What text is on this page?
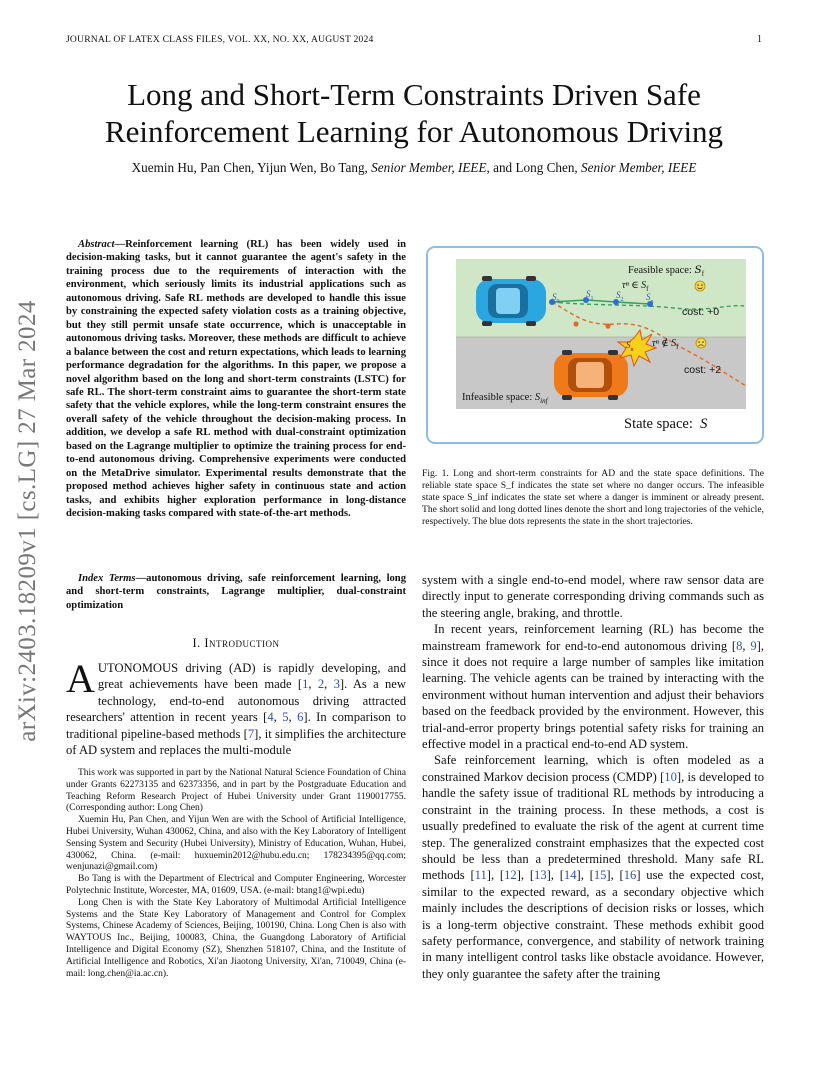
JOURNAL OF LATEX CLASS FILES, VOL. XX, NO. XX, AUGUST 2024	1
Long and Short-Term Constraints Driven Safe
Reinforcement Learning for Autonomous Driving
Xuemin Hu, Pan Chen, Yijun Wen, Bo Tang, Senior Member, IEEE, and Long Chen, Senior Member, IEEE
arXiv:2403.18209v1 [cs.LG] 27 Mar 2024
Abstract—Reinforcement learning (RL) has been widely used in decision-making tasks, but it cannot guarantee the agent's safety in the training process due to the requirements of interaction with the environment, which seriously limits its industrial applications such as autonomous driving. Safe RL methods are developed to handle this issue by constraining the expected safety violation costs as a training objective, but they still permit unsafe state occurrence, which is unacceptable in autonomous driving tasks. Moreover, these methods are difficult to achieve a balance between the cost and return expectations, which leads to learning performance degradation for the algorithms. In this paper, we propose a novel algorithm based on the long and short-term constraints (LSTC) for safe RL. The short-term constraint aims to guarantee the short-term state safety that the vehicle explores, while the long-term constraint ensures the overall safety of the vehicle throughout the decision-making process. In addition, we develop a safe RL method with dual-constraint optimization based on the Lagrange multiplier to optimize the training process for end-to-end autonomous driving. Comprehensive experiments were conducted on the MetaDrive simulator. Experimental results demonstrate that the proposed method achieves higher safety in continuous state and action tasks, and exhibits higher exploration performance in long-distance decision-making tasks compared with state-of-the-art methods.
Index Terms—autonomous driving, safe reinforcement learning, long and short-term constraints, Lagrange multiplier, dual-constraint optimization
I. Introduction
AUTONOMOUS driving (AD) is rapidly developing, and great achievements have been made [1, 2, 3]. As a new technology, end-to-end autonomous driving attracted researchers' attention in recent years [4, 5, 6]. In comparison to traditional pipeline-based methods [7], it simplifies the architecture of AD system and replaces the multi-module

This work was supported in part by the National Natural Science Foundation of China under Grants 62273135 and 62373356, and in part by the Postgraduate Education and Teaching Reform Research Project of Hubei University under Grant 1190017755. (Corresponding author: Long Chen)

Xuemin Hu, Pan Chen, and Yijun Wen are with the School of Artificial Intelligence, Hubei University, Wuhan 430062, China, and also with the Key Laboratory of Intelligent Sensing System and Security (Hubei University), Ministry of Education, Wuhan, Hubei, 430062, China. (e-mail: huxuemin2012@hubu.edu.cn; 178234395@qq.com; wenjunazi@gmail.com)

Bo Tang is with the Department of Electrical and Computer Engineering, Worcester Polytechnic Institute, Worcester, MA, 01609, USA. (e-mail: btang1@wpi.edu)

Long Chen is with the State Key Laboratory of Multimodal Artificial Intelligence Systems and the State Key Laboratory of Management and Control for Complex Systems, Chinese Academy of Sciences, Beijing, 100190, China. Long Chen is also with WAYTOUS Inc., Beijing, 100083, China, the Guangdong Laboratory of Artificial Intelligence and Digital Economy (SZ), Shenzhen 518107, China, and the Institute of Artificial Intelligence and Robotics, Xi'an Jiaotong University, Xi'an, 710049, China (e-mail: long.chen@ia.ac.cn).

Feasible space: $S_f$
τⁿ ∈ $S_f$
$S_0$
$S_1$	$S_2$	$S_n$
cost: +0
$S_n$
τⁿ ∉ $S_f$
cost: +2
Infeasible space: $S_{inf}$
State space: S
Fig. 1. Long and short-term constraints for AD and the state space definitions. The reliable state space S_f indicates the state set where no danger occurs. The infeasible state space S_inf indicates the state set where a danger is imminent or already present. The short solid and long dotted lines denote the short and long trajectories of the vehicle, respectively. The blue dots represents the state in the short trajectories.

system with a single end-to-end model, where raw sensor data are directly input to generate corresponding driving commands such as the steering angle, braking, and throttle.

In recent years, reinforcement learning (RL) has become the mainstream framework for end-to-end autonomous driving [8, 9], since it does not require a large number of samples like imitation learning. The vehicle agents can be trained by interacting with the environment without human intervention and adjust their behaviors based on the feedback provided by the environment. However, this trial-and-error property brings potential safety risks for training an effective model in a practical end-to-end AD system.

Safe reinforcement learning, which is often modeled as a constrained Markov decision process (CMDP) [10], is developed to handle the safety issue of traditional RL methods by introducing a constraint in the training process. In these methods, a cost is usually predefined to evaluate the risk of the agent at current time step. The generalized constraint emphasizes that the expected cost should be less than a predetermined threshold. Many safe RL methods [11], [12], [13], [14], [15], [16] use the expected cost, similar to the expected reward, as a secondary objective which mainly includes the descriptions of decision risks or losses, which is a long-term objective constraint. These methods exhibit good safety performance, convergence, and stability of network training in many intelligent control tasks like obstacle avoidance. However, they only guarantee the safety after the training
